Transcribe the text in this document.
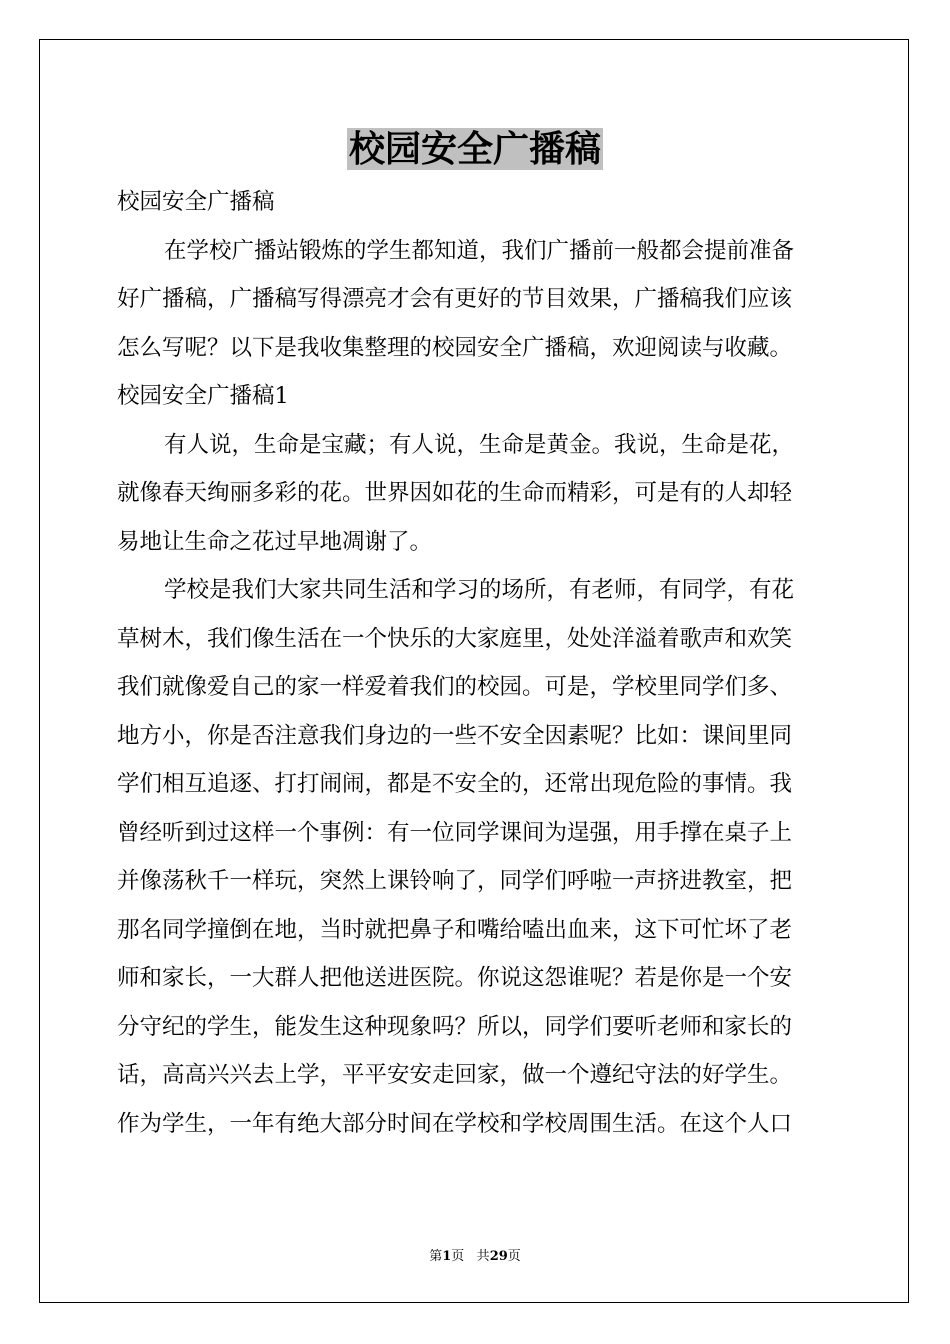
校园安全广播稿
校园安全广播稿
在学校广播站锻炼的学生都知道，我们广播前一般都会提前准备
好广播稿，广播稿写得漂亮才会有更好的节目效果，广播稿我们应该
怎么写呢？以下是我收集整理的校园安全广播稿，欢迎阅读与收藏。
校园安全广播稿1
有人说，生命是宝藏；有人说，生命是黄金。我说，生命是花，
就像春天绚丽多彩的花。世界因如花的生命而精彩，可是有的人却轻
易地让生命之花过早地凋谢了。
学校是我们大家共同生活和学习的场所，有老师，有同学，有花
草树木，我们像生活在一个快乐的大家庭里，处处洋溢着歌声和欢笑
我们就像爱自己的家一样爱着我们的校园。可是，学校里同学们多、
地方小，你是否注意我们身边的一些不安全因素呢？比如：课间里同
学们相互追逐、打打闹闹，都是不安全的，还常出现危险的事情。我
曾经听到过这样一个事例：有一位同学课间为逞强，用手撑在桌子上
并像荡秋千一样玩，突然上课铃响了，同学们呼啦一声挤进教室，把
那名同学撞倒在地，当时就把鼻子和嘴给嗑出血来，这下可忙坏了老
师和家长，一大群人把他送进医院。你说这怨谁呢？若是你是一个安
分守纪的学生，能发生这种现象吗？所以，同学们要听老师和家长的
话，高高兴兴去上学，平平安安走回家，做一个遵纪守法的好学生。
作为学生，一年有绝大部分时间在学校和学校周围生活。在这个人口
第1页 共29页
